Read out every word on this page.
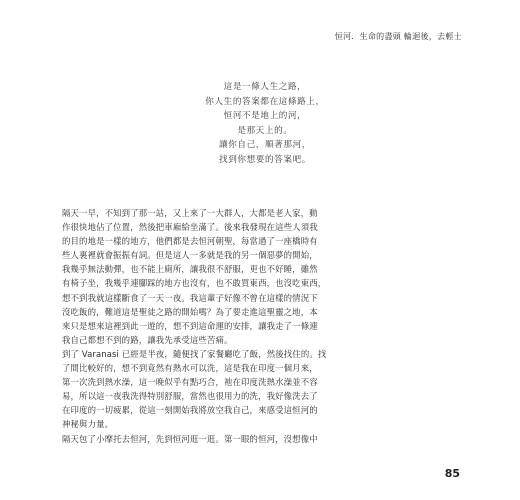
恒河．生命的盡頭 輪迴後，去輕士
這是一條人生之路，
你人生的答案都在這條路上，
恒河不是地上的河，
是那天上的。
讓你自己，順著那河，
找到你想要的答案吧。
隔天一早，不知到了那一站，又上來了一大群人，大都是老人家，動
作很快地佔了位置，然後把車廂給坐滿了。後來我發現在這些人須我
的目的地是一樣的地方，他們都是去恒河朝聖，每當過了一座橋時有
些人裏裡就會振振有詞。但是這人一多就是我的另一個惡夢的開始，
我幾乎無法動彈，也不能上廁所，讓我很不舒服，更也不好睡，雖然
有椅子坐，我幾乎連腳踩的地方也沒有，也不敢買東西，也沒吃東西，
想不到我就這樣斷食了一天一夜。我這輩子好像不曾在這樣的情況下
沒吃飯的，難道這是聖徒之路的開始嗎？為了要走進這聖靈之地，本
來只是想來這裡到此一遊的，想不到這命運的安排，讓我走了一條連
我自己都想不到的路，讓我先承受這些苦痛。
到了 Varanasi 已經是半夜，隨便找了家餐廳吃了飯，然後找住的。找
了間比較好的，想不到竟然有熱水可以洗，這是我在印度一個月來，
第一次洗到熱水澡，這一晚似乎有點巧合，祂在印度洗熱水澡並不容
易，所以這一夜我洗得特別舒服，當然也很用力的洗，我好像洗去了
在印度的一切疲累，從這一刻開始我將放空我自己，來感受這恒河的
神秘與力量。
隔天包了小摩托去恒河，先到恒河逛一逛。第一眼的恒河，沒想像中
85
